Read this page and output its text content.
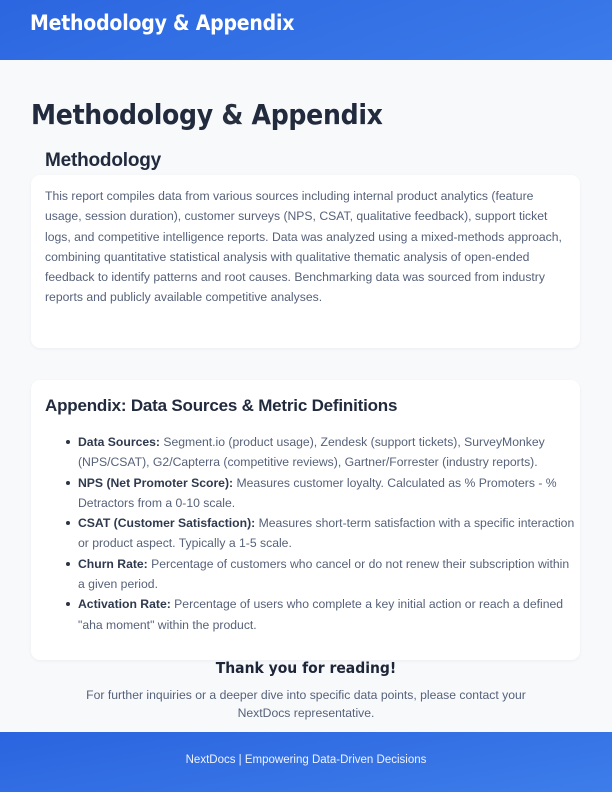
Methodology & Appendix
Methodology & Appendix
Methodology
This report compiles data from various sources including internal product analytics (feature usage, session duration), customer surveys (NPS, CSAT, qualitative feedback), support ticket logs, and competitive intelligence reports. Data was analyzed using a mixed-methods approach, combining quantitative statistical analysis with qualitative thematic analysis of open-ended feedback to identify patterns and root causes. Benchmarking data was sourced from industry reports and publicly available competitive analyses.
Appendix: Data Sources & Metric Definitions
Data Sources: Segment.io (product usage), Zendesk (support tickets), SurveyMonkey (NPS/CSAT), G2/Capterra (competitive reviews), Gartner/Forrester (industry reports).
NPS (Net Promoter Score): Measures customer loyalty. Calculated as % Promoters - % Detractors from a 0-10 scale.
CSAT (Customer Satisfaction): Measures short-term satisfaction with a specific interaction or product aspect. Typically a 1-5 scale.
Churn Rate: Percentage of customers who cancel or do not renew their subscription within a given period.
Activation Rate: Percentage of users who complete a key initial action or reach a defined "aha moment" within the product.
Thank you for reading!
For further inquiries or a deeper dive into specific data points, please contact your NextDocs representative.
NextDocs | Empowering Data-Driven Decisions
